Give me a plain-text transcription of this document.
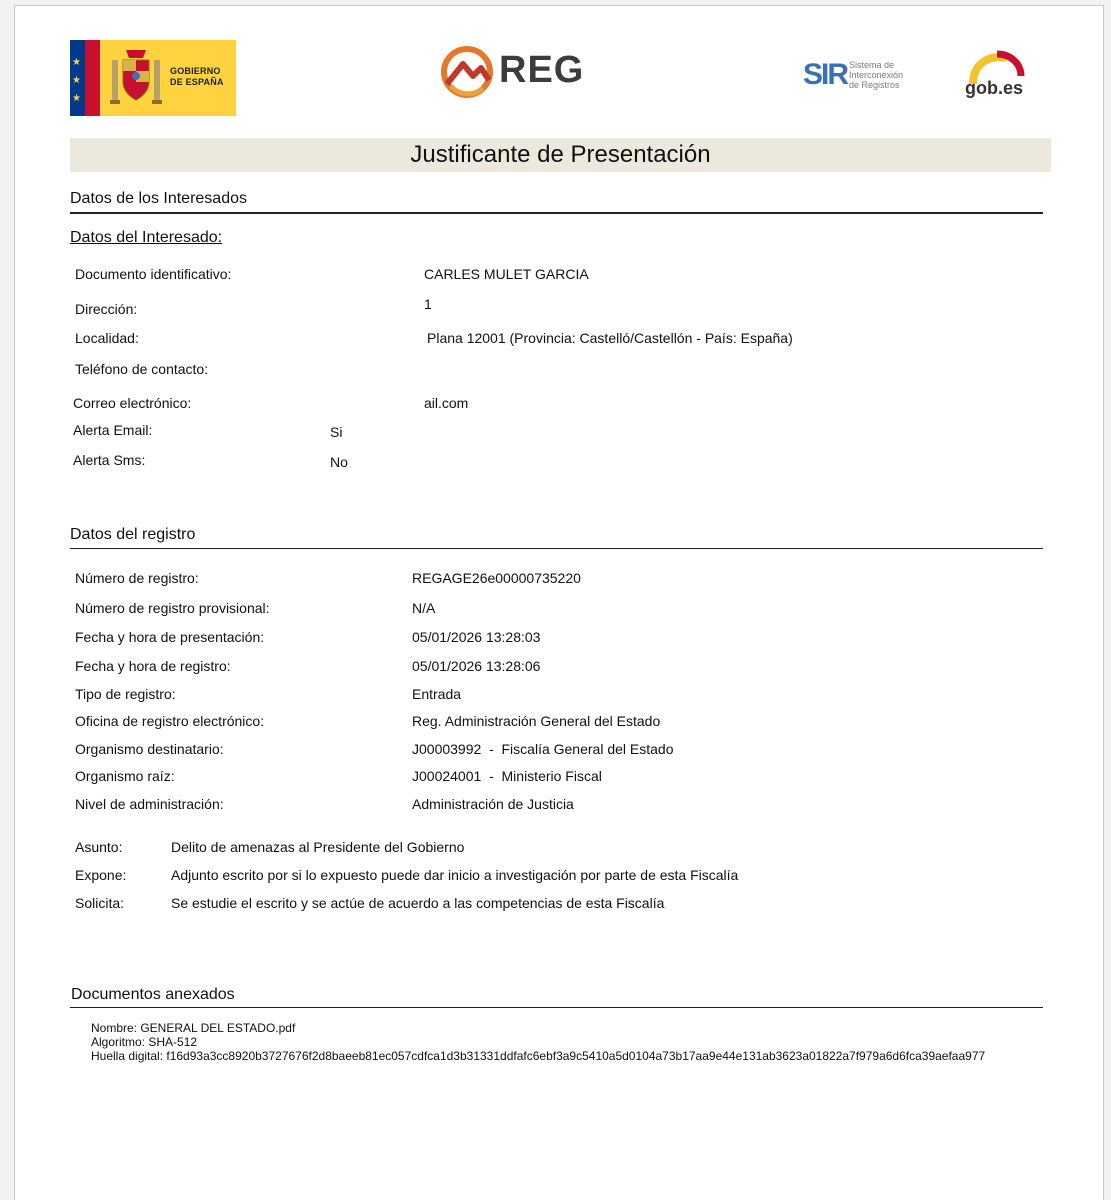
★
★
★
GOBIERNO
DE ESPAÑA	REG	SIR Sistema de
Interconexión
de Registros	gob.es
Justificante de Presentación
Datos de los Interesados
Datos del Interesado:
Documento identificativo:	CARLES MULET GARCIA
Dirección:	1
Localidad:	Plana 12001 (Provincia: Castelló/Castellón - País: España)
Teléfono de contacto:
Correo electrónico:	ail.com
Alerta Email:	Si
Alerta Sms:	No
Datos del registro
Número de registro:	REGAGE26e00000735220
Número de registro provisional:	N/A
Fecha y hora de presentación:	05/01/2026 13:28:03
Fecha y hora de registro:	05/01/2026 13:28:06
Tipo de registro:	Entrada
Oficina de registro electrónico:	Reg. Administración General del Estado
Organismo destinatario:	J00003992  -  Fiscalía General del Estado
Organismo raíz:	J00024001  -  Ministerio Fiscal
Nivel de administración:	Administración de Justicia
Asunto:	Delito de amenazas al Presidente del Gobierno
Expone:	Adjunto escrito por si lo expuesto puede dar inicio a investigación por parte de esta Fiscalía
Solicita:	Se estudie el escrito y se actúe de acuerdo a las competencias de esta Fiscalía
Documentos anexados
Nombre: GENERAL DEL ESTADO.pdf
Algoritmo: SHA-512
Huella digital: f16d93a3cc8920b3727676f2d8baeeb81ec057cdfca1d3b31331ddfafc6ebf3a9c5410a5d0104a73b17aa9e44e131ab3623a01822a7f979a6d6fca39aefaa977
